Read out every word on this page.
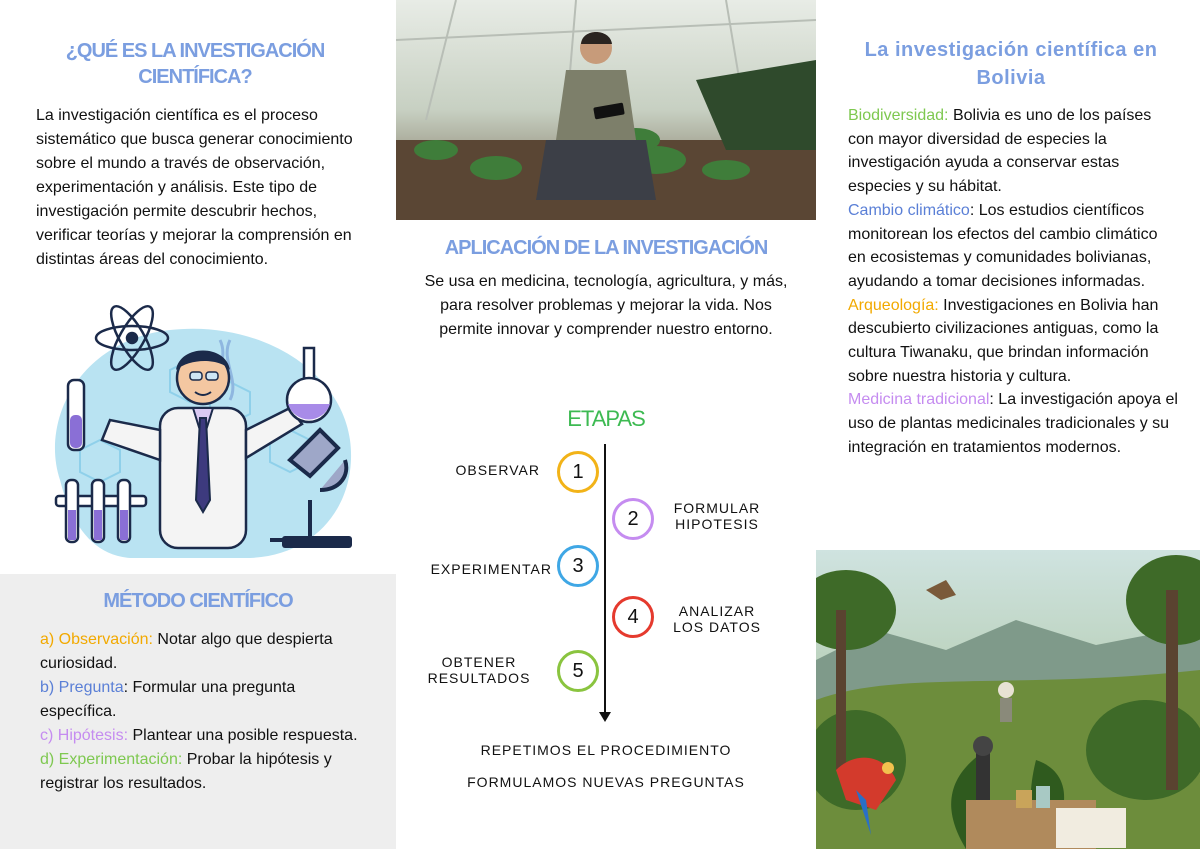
¿QUÉ ES LA INVESTIGACIÓN CIENTÍFICA?
La investigación científica es el proceso sistemático que busca generar conocimiento sobre el mundo a través de observación, experimentación y análisis. Este tipo de investigación permite descubrir hechos, verificar teorías y mejorar la comprensión en distintas áreas del conocimiento.
MÉTODO CIENTÍFICO
a) Observación: Notar algo que despierta curiosidad.
b) Pregunta: Formular una pregunta específica.
c) Hipótesis: Plantear una posible respuesta.
d) Experimentación: Probar la hipótesis y registrar los resultados.
APLICACIÓN DE LA INVESTIGACIÓN
Se usa en medicina, tecnología, agricultura, y más, para resolver problemas y mejorar la vida. Nos permite innovar y comprender nuestro entorno.
ETAPAS
1
OBSERVAR
2	FORMULAR HIPOTESIS
3
EXPERIMENTAR
4	ANALIZAR LOS DATOS
5
OBTENER RESULTADOS
REPETIMOS EL PROCEDIMIENTO
FORMULAMOS NUEVAS PREGUNTAS
La investigación científica en Bolivia
Biodiversidad: Bolivia es uno de los países con mayor diversidad de especies la investigación ayuda a conservar estas especies y su hábitat.
Cambio climático: Los estudios científicos monitorean los efectos del cambio climático en ecosistemas y comunidades bolivianas, ayudando a tomar decisiones informadas.
Arqueología: Investigaciones en Bolivia han descubierto civilizaciones antiguas, como la cultura Tiwanaku, que brindan información sobre nuestra historia y cultura.
Medicina tradicional: La investigación apoya el uso de plantas medicinales tradicionales y su integración en tratamientos modernos.
